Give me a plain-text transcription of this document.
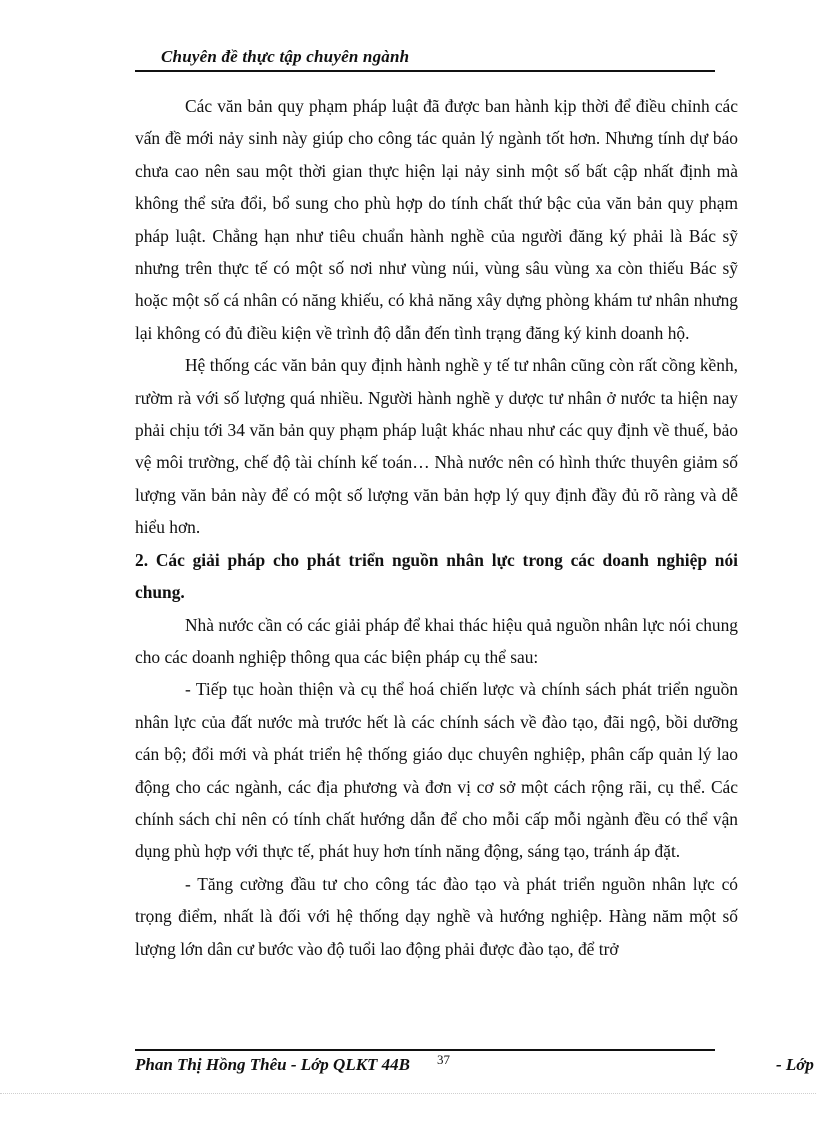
Chuyên đề thực tập chuyên ngành

Các văn bản quy phạm pháp luật đã được ban hành kịp thời để điều chỉnh các vấn đề mới nảy sinh này giúp cho công tác quản lý ngành tốt hơn. Nhưng tính dự báo chưa cao nên sau một thời gian thực hiện lại nảy sinh một số bất cập nhất định mà không thể sửa đổi, bổ sung cho phù hợp do tính chất thứ bậc của văn bản quy phạm pháp luật. Chẳng hạn như tiêu chuẩn hành nghề của người đăng ký phải là Bác sỹ nhưng trên thực tế có một số nơi như vùng núi, vùng sâu vùng xa còn thiếu Bác sỹ hoặc một số cá nhân có năng khiếu, có khả năng xây dựng phòng khám tư nhân nhưng lại không có đủ điều kiện về trình độ dẫn đến tình trạng đăng ký kinh doanh hộ.

Hệ thống các văn bản quy định hành nghề y tế tư nhân cũng còn rất cồng kềnh, rườm rà với số lượng quá nhiều. Người hành nghề y dược tư nhân ở nước ta hiện nay phải chịu tới 34 văn bản quy phạm pháp luật khác nhau như các quy định về thuế, bảo vệ môi trường, chế độ tài chính kế toán… Nhà nước nên có hình thức thuyên giảm số lượng văn bản này để có một số lượng văn bản hợp lý quy định đầy đủ rõ ràng và dễ hiểu hơn.

2. Các giải pháp cho phát triển nguồn nhân lực trong các doanh nghiệp nói chung.

Nhà nước cần có các giải pháp để khai thác hiệu quả nguồn nhân lực nói chung cho các doanh nghiệp thông qua các biện pháp cụ thể sau:

- Tiếp tục hoàn thiện và cụ thể hoá chiến lược và chính sách phát triển nguồn nhân lực của đất nước mà trước hết là các chính sách về đào tạo, đãi ngộ, bồi dưỡng cán bộ; đổi mới và phát triển hệ thống giáo dục chuyên nghiệp, phân cấp quản lý lao động cho các ngành, các địa phương và đơn vị cơ sở một cách rộng rãi, cụ thể. Các chính sách chỉ nên có tính chất hướng dẫn để cho mỗi cấp mỗi ngành đều có thể vận dụng phù hợp với thực tế, phát huy hơn tính năng động, sáng tạo, tránh áp đặt.

- Tăng cường đầu tư cho công tác đào tạo và phát triển nguồn nhân lực có trọng điểm, nhất là đối với hệ thống dạy nghề và hướng nghiệp. Hàng năm một số lượng lớn dân cư bước vào độ tuổi lao động phải được đào tạo, để trở

Phan Thị Hồng Thêu - Lớp QLKT 44B 37	- Lớp
